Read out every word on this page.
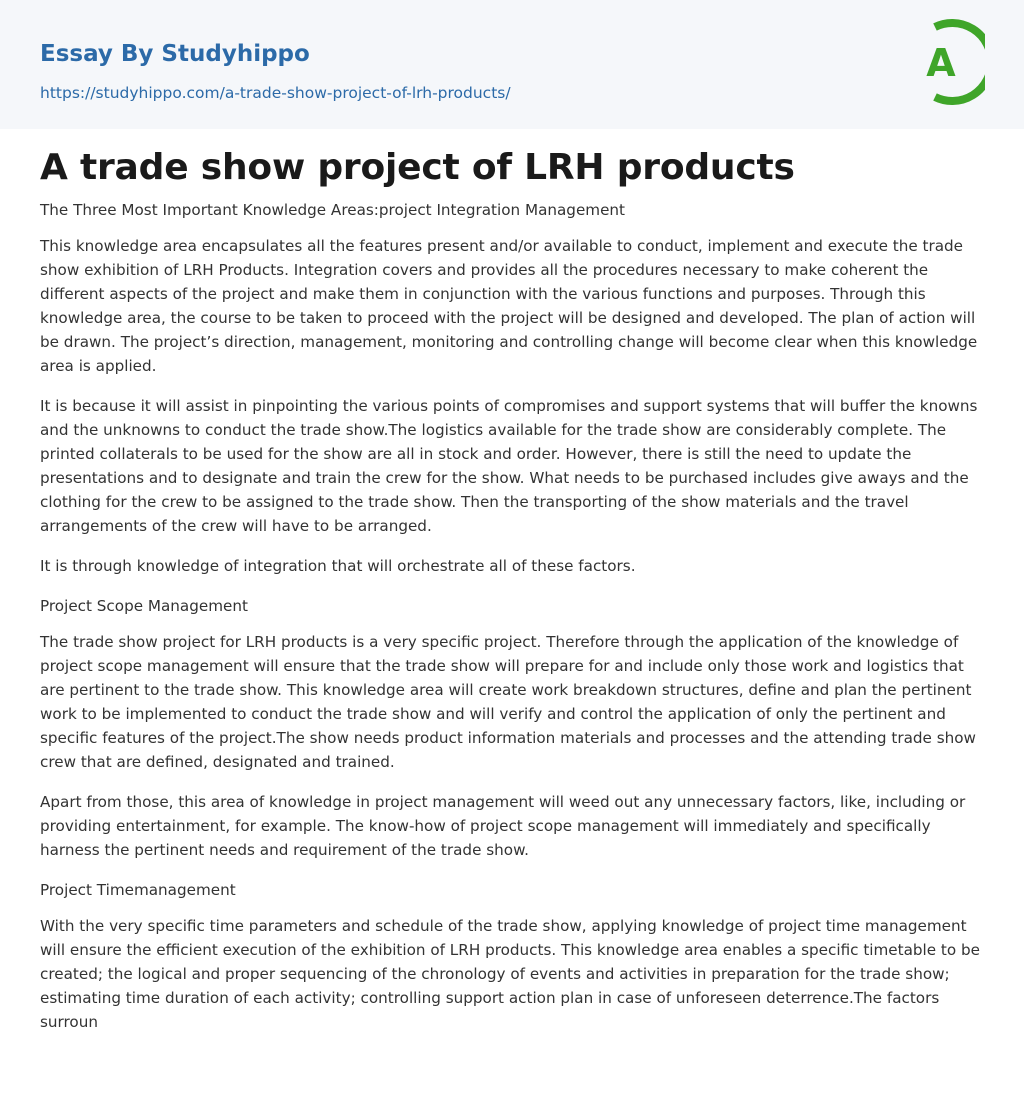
Essay By Studyhippo
https://studyhippo.com/a-trade-show-project-of-lrh-products/
A
A trade show project of LRH products

The Three Most Important Knowledge Areas:project Integration Management

This knowledge area encapsulates all the features present and/or available to conduct, implement and execute the trade show exhibition of LRH Products. Integration covers and provides all the procedures necessary to make coherent the different aspects of the project and make them in conjunction with the various functions and purposes. Through this knowledge area, the course to be taken to proceed with the project will be designed and developed. The plan of action will be drawn. The project’s direction, management, monitoring and controlling change will become clear when this knowledge area is applied.

It is because it will assist in pinpointing the various points of compromises and support systems that will buffer the knowns and the unknowns to conduct the trade show.The logistics available for the trade show are considerably complete. The printed collaterals to be used for the show are all in stock and order. However, there is still the need to update the presentations and to designate and train the crew for the show. What needs to be purchased includes give aways and the clothing for the crew to be assigned to the trade show. Then the transporting of the show materials and the travel arrangements of the crew will have to be arranged.

It is through knowledge of integration that will orchestrate all of these factors.

Project Scope Management

The trade show project for LRH products is a very specific project. Therefore through the application of the knowledge of project scope management will ensure that the trade show will prepare for and include only those work and logistics that are pertinent to the trade show. This knowledge area will create work breakdown structures, define and plan the pertinent work to be implemented to conduct the trade show and will verify and control the application of only the pertinent and specific features of the project.The show needs product information materials and processes and the attending trade show crew that are defined, designated and trained.

Apart from those, this area of knowledge in project management will weed out any unnecessary factors, like, including or providing entertainment, for example. The know-how of project scope management will immediately and specifically harness the pertinent needs and requirement of the trade show.

Project Timemanagement

With the very specific time parameters and schedule of the trade show, applying knowledge of project time management will ensure the efficient execution of the exhibition of LRH products. This knowledge area enables a specific timetable to be created; the logical and proper sequencing of the chronology of events and activities in preparation for the trade show; estimating time duration of each activity; controlling support action plan in case of unforeseen deterrence.The factors surroun
